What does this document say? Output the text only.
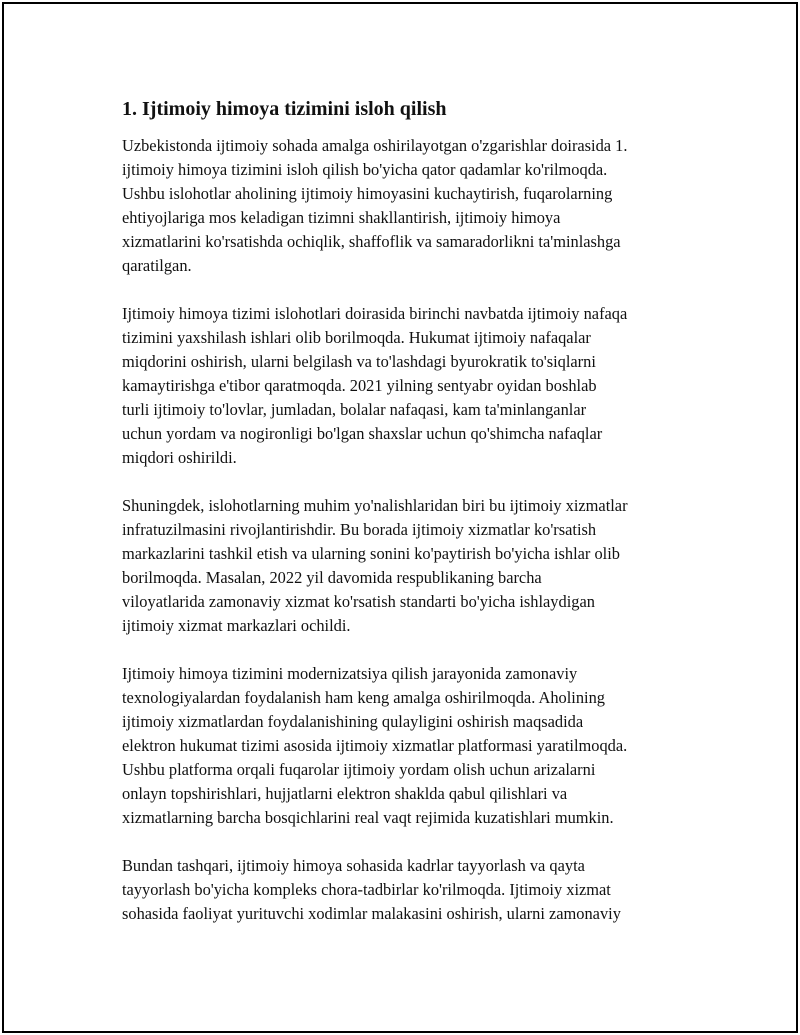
1. Ijtimoiy himoya tizimini isloh qilish

Uzbekistonda ijtimoiy sohada amalga oshirilayotgan o'zgarishlar doirasida 1.
ijtimoiy himoya tizimini isloh qilish bo'yicha qator qadamlar ko'rilmoqda.
Ushbu islohotlar aholining ijtimoiy himoyasini kuchaytirish, fuqarolarning
ehtiyojlariga mos keladigan tizimni shakllantirish, ijtimoiy himoya
xizmatlarini ko'rsatishda ochiqlik, shaffoflik va samaradorlikni ta'minlashga
qaratilgan.

Ijtimoiy himoya tizimi islohotlari doirasida birinchi navbatda ijtimoiy nafaqa
tizimini yaxshilash ishlari olib borilmoqda. Hukumat ijtimoiy nafaqalar
miqdorini oshirish, ularni belgilash va to'lashdagi byurokratik to'siqlarni
kamaytirishga e'tibor qaratmoqda. 2021 yilning sentyabr oyidan boshlab
turli ijtimoiy to'lovlar, jumladan, bolalar nafaqasi, kam ta'minlanganlar
uchun yordam va nogironligi bo'lgan shaxslar uchun qo'shimcha nafaqlar
miqdori oshirildi.

Shuningdek, islohotlarning muhim yo'nalishlaridan biri bu ijtimoiy xizmatlar
infratuzilmasini rivojlantirishdir. Bu borada ijtimoiy xizmatlar ko'rsatish
markazlarini tashkil etish va ularning sonini ko'paytirish bo'yicha ishlar olib
borilmoqda. Masalan, 2022 yil davomida respublikaning barcha
viloyatlarida zamonaviy xizmat ko'rsatish standarti bo'yicha ishlaydigan
ijtimoiy xizmat markazlari ochildi.

Ijtimoiy himoya tizimini modernizatsiya qilish jarayonida zamonaviy
texnologiyalardan foydalanish ham keng amalga oshirilmoqda. Aholining
ijtimoiy xizmatlardan foydalanishining qulayligini oshirish maqsadida
elektron hukumat tizimi asosida ijtimoiy xizmatlar platformasi yaratilmoqda.
Ushbu platforma orqali fuqarolar ijtimoiy yordam olish uchun arizalarni
onlayn topshirishlari, hujjatlarni elektron shaklda qabul qilishlari va
xizmatlarning barcha bosqichlarini real vaqt rejimida kuzatishlari mumkin.

Bundan tashqari, ijtimoiy himoya sohasida kadrlar tayyorlash va qayta
tayyorlash bo'yicha kompleks chora-tadbirlar ko'rilmoqda. Ijtimoiy xizmat
sohasida faoliyat yurituvchi xodimlar malakasini oshirish, ularni zamonaviy
